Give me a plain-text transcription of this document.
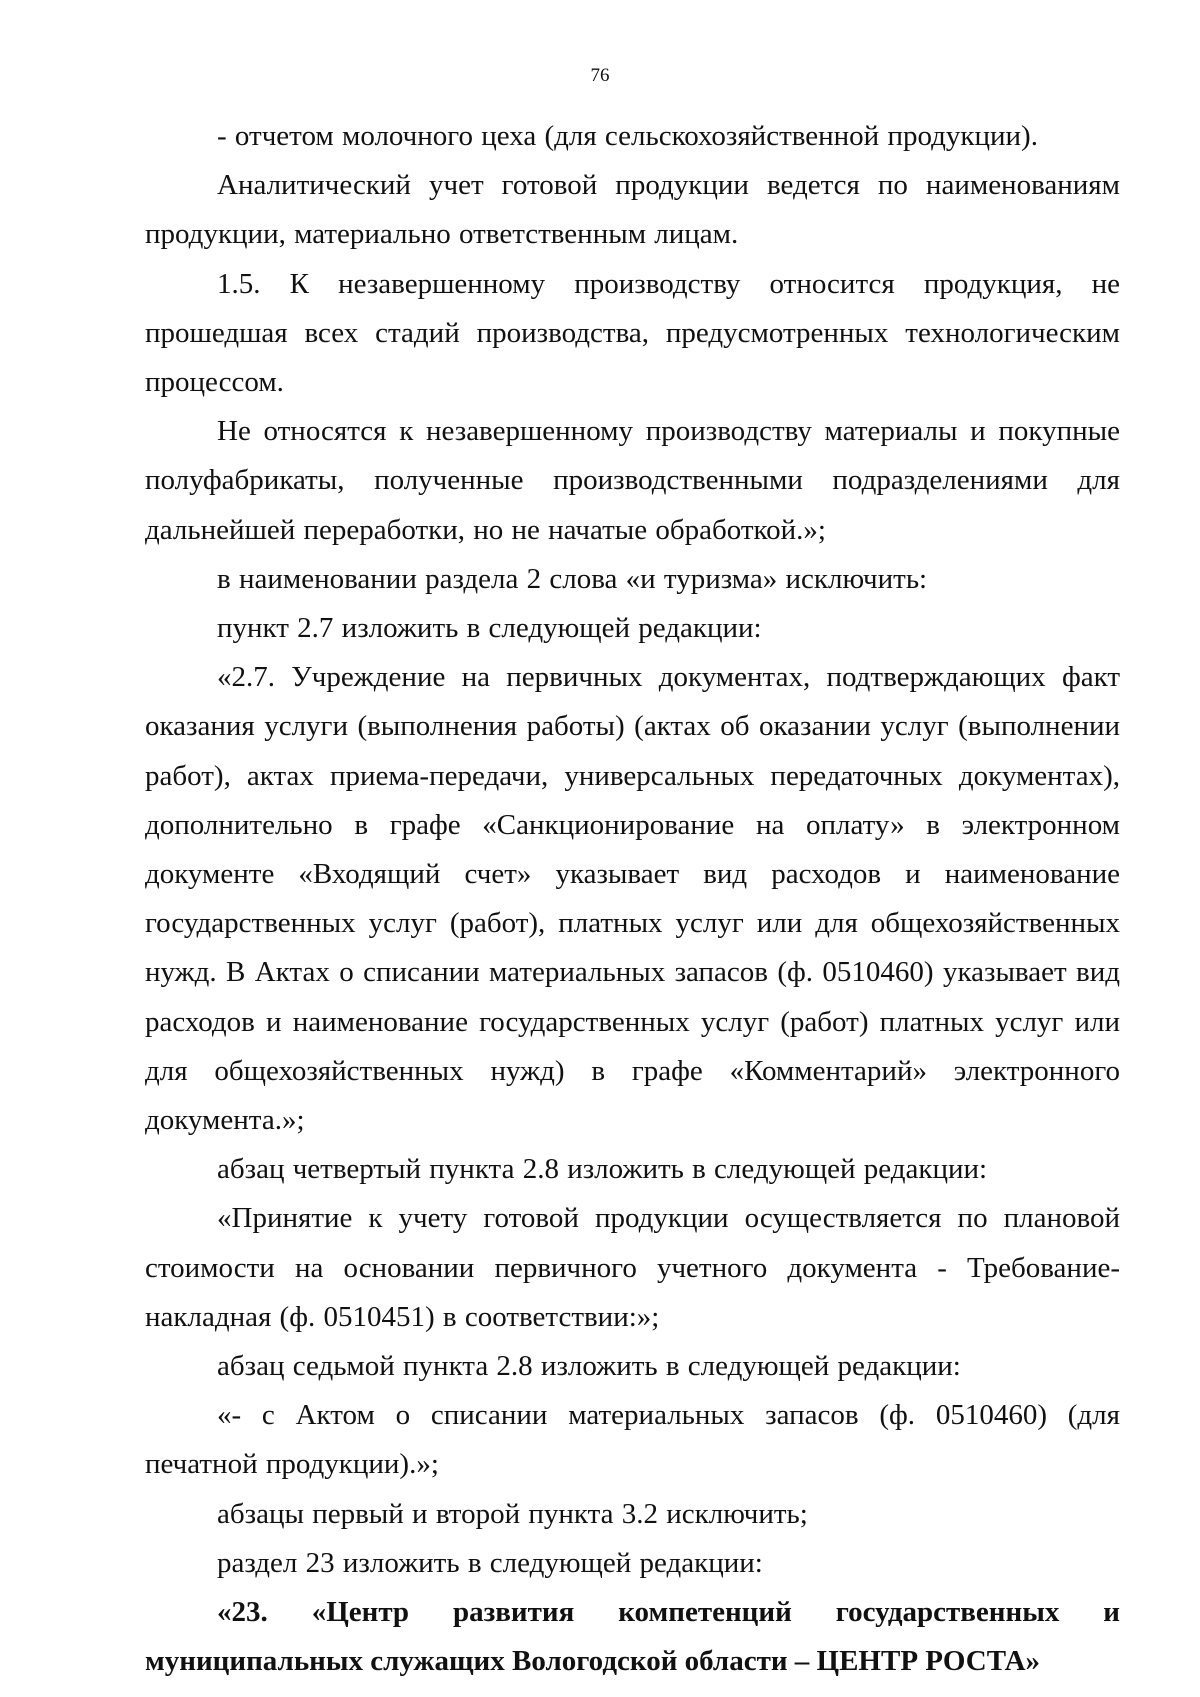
76

- отчетом молочного цеха (для сельскохозяйственной продукции).

Аналитический учет готовой продукции ведется по наименованиям продукции, материально ответственным лицам.

1.5. К незавершенному производству относится продукция, не прошедшая всех стадий производства, предусмотренных технологическим процессом.

Не относятся к незавершенному производству материалы и покупные полуфабрикаты, полученные производственными подразделениями для дальнейшей переработки, но не начатые обработкой.»;

в наименовании раздела 2 слова «и туризма» исключить:

пункт 2.7 изложить в следующей редакции:

«2.7. Учреждение на первичных документах, подтверждающих факт оказания услуги (выполнения работы) (актах об оказании услуг (выполнении работ), актах приема-передачи, универсальных передаточных документах), дополнительно в графе «Санкционирование на оплату» в электронном документе «Входящий счет» указывает вид расходов и наименование государственных услуг (работ), платных услуг или для общехозяйственных нужд. В Актах о списании материальных запасов (ф. 0510460) указывает вид расходов и наименование государственных услуг (работ) платных услуг или для общехозяйственных нужд) в графе «Комментарий» электронного документа.»;

абзац четвертый пункта 2.8 изложить в следующей редакции:

«Принятие к учету готовой продукции осуществляется по плановой стоимости на основании первичного учетного документа - Требование-накладная (ф. 0510451) в соответствии:»;

абзац седьмой пункта 2.8 изложить в следующей редакции:

«- с Актом о списании материальных запасов (ф. 0510460) (для печатной продукции).»;

абзацы первый и второй пункта 3.2 исключить;

раздел 23 изложить в следующей редакции:

«23. «Центр развития компетенций государственных и
муниципальных служащих Вологодской области – ЦЕНТР РОСТА»
